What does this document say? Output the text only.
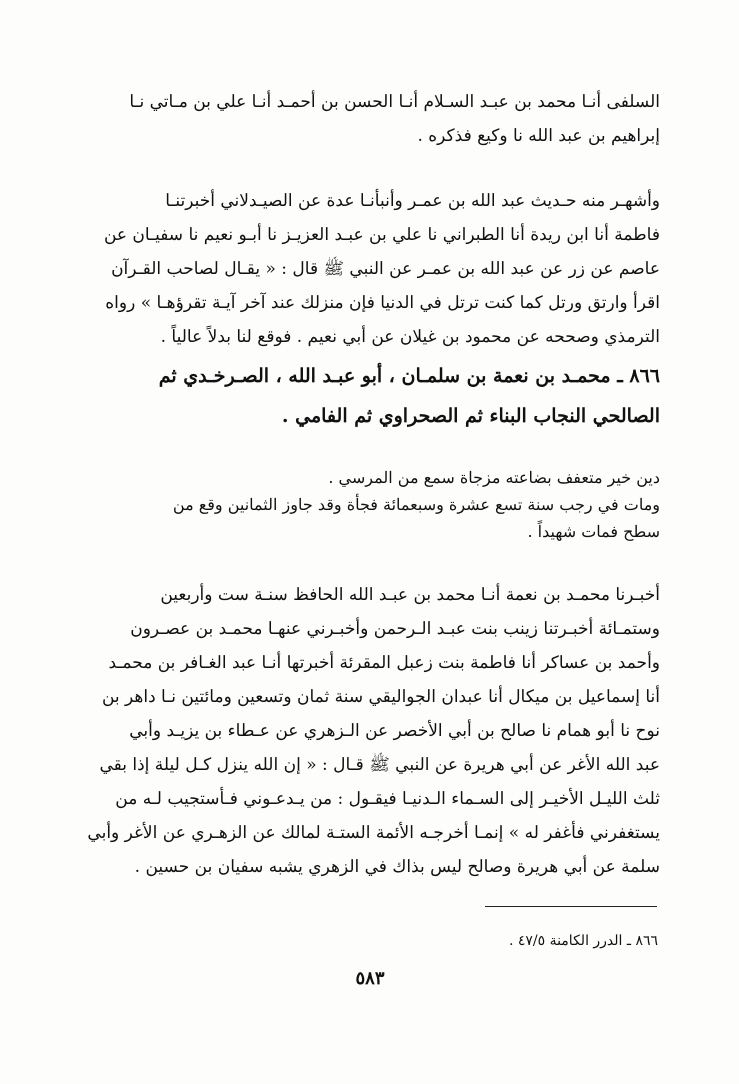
السلفى أنـا محمد بن عبـد السـلام أنـا الحسن بن أحمـد أنـا علي بن مـاتي نـا
إبراهيم بن عبد الله نا وكيع فذكره .
وأشهـر منه حـديث عبد الله بن عمـر وأنبأنـا عدة عن الصيـدلاني أخبرتنـا
فاطمة أنا ابن ريدة أنا الطبراني نا علي بن عبـد العزيـز نا أبـو نعيم نا سفيـان عن
عاصم عن زر عن عبد الله بن عمـر عن النبي ﷺ قال : « يقـال لصاحب القـرآن
اقرأ وارتق ورتل كما كنت ترتل في الدنيا فإن منزلك عند آخر آيـة تقرؤهـا » رواه
الترمذي وصححه عن محمود بن غيلان عن أبي نعيم . فوقع لنا بدلاً عالياً .
٨٦٦ ـ محمـد بن نعمة بن سلمـان ، أبو عبـد الله ، الصـرخـدي ثم
الصالحي النجاب البناء ثم الصحراوي ثم الفامي .
دين خير متعفف بضاعته مزجاة سمع من المرسي .
ومات في رجب سنة تسع عشرة وسبعمائة فجأة وقد جاوز الثمانين وقع من
سطح فمات شهيداً .
أخبـرنا محمـد بن نعمة أنـا محمد بن عبـد الله الحافظ سنـة ست وأربعين
وستمـائة أخبـرتنا زينب بنت عبـد الـرحمن وأخبـرني عنهـا محمـد بن عصـرون
وأحمد بن عساكر أنا فاطمة بنت زعبل المقرئة أخبرتها أنـا عبد الغـافر بن محمـد
أنا إسماعيل بن ميكال أنا عبدان الجواليقي سنة ثمان وتسعين ومائتين نـا داهر بن
نوح نا أبو همام نا صالح بن أبي الأخصر عن الـزهري عن عـطاء بن يزيـد وأبي
عبد الله الأغر عن أبي هريرة عن النبي ﷺ قـال : « إن الله ينزل كـل ليلة إذا بقي
ثلث الليـل الأخيـر إلى السـماء الـدنيـا فيقـول : من يـدعـوني فـأستجيب لـه من
يستغفرني فأغفر له » إنمـا أخرجـه الأئمة الستـة لمالك عن الزهـري عن الأغر وأبي
سلمة عن أبي هريرة وصالح ليس بذاك في الزهري يشبه سفيان بن حسين .
٨٦٦ ـ الدرر الكامنة ٤٧/٥ .
٥٨٣
